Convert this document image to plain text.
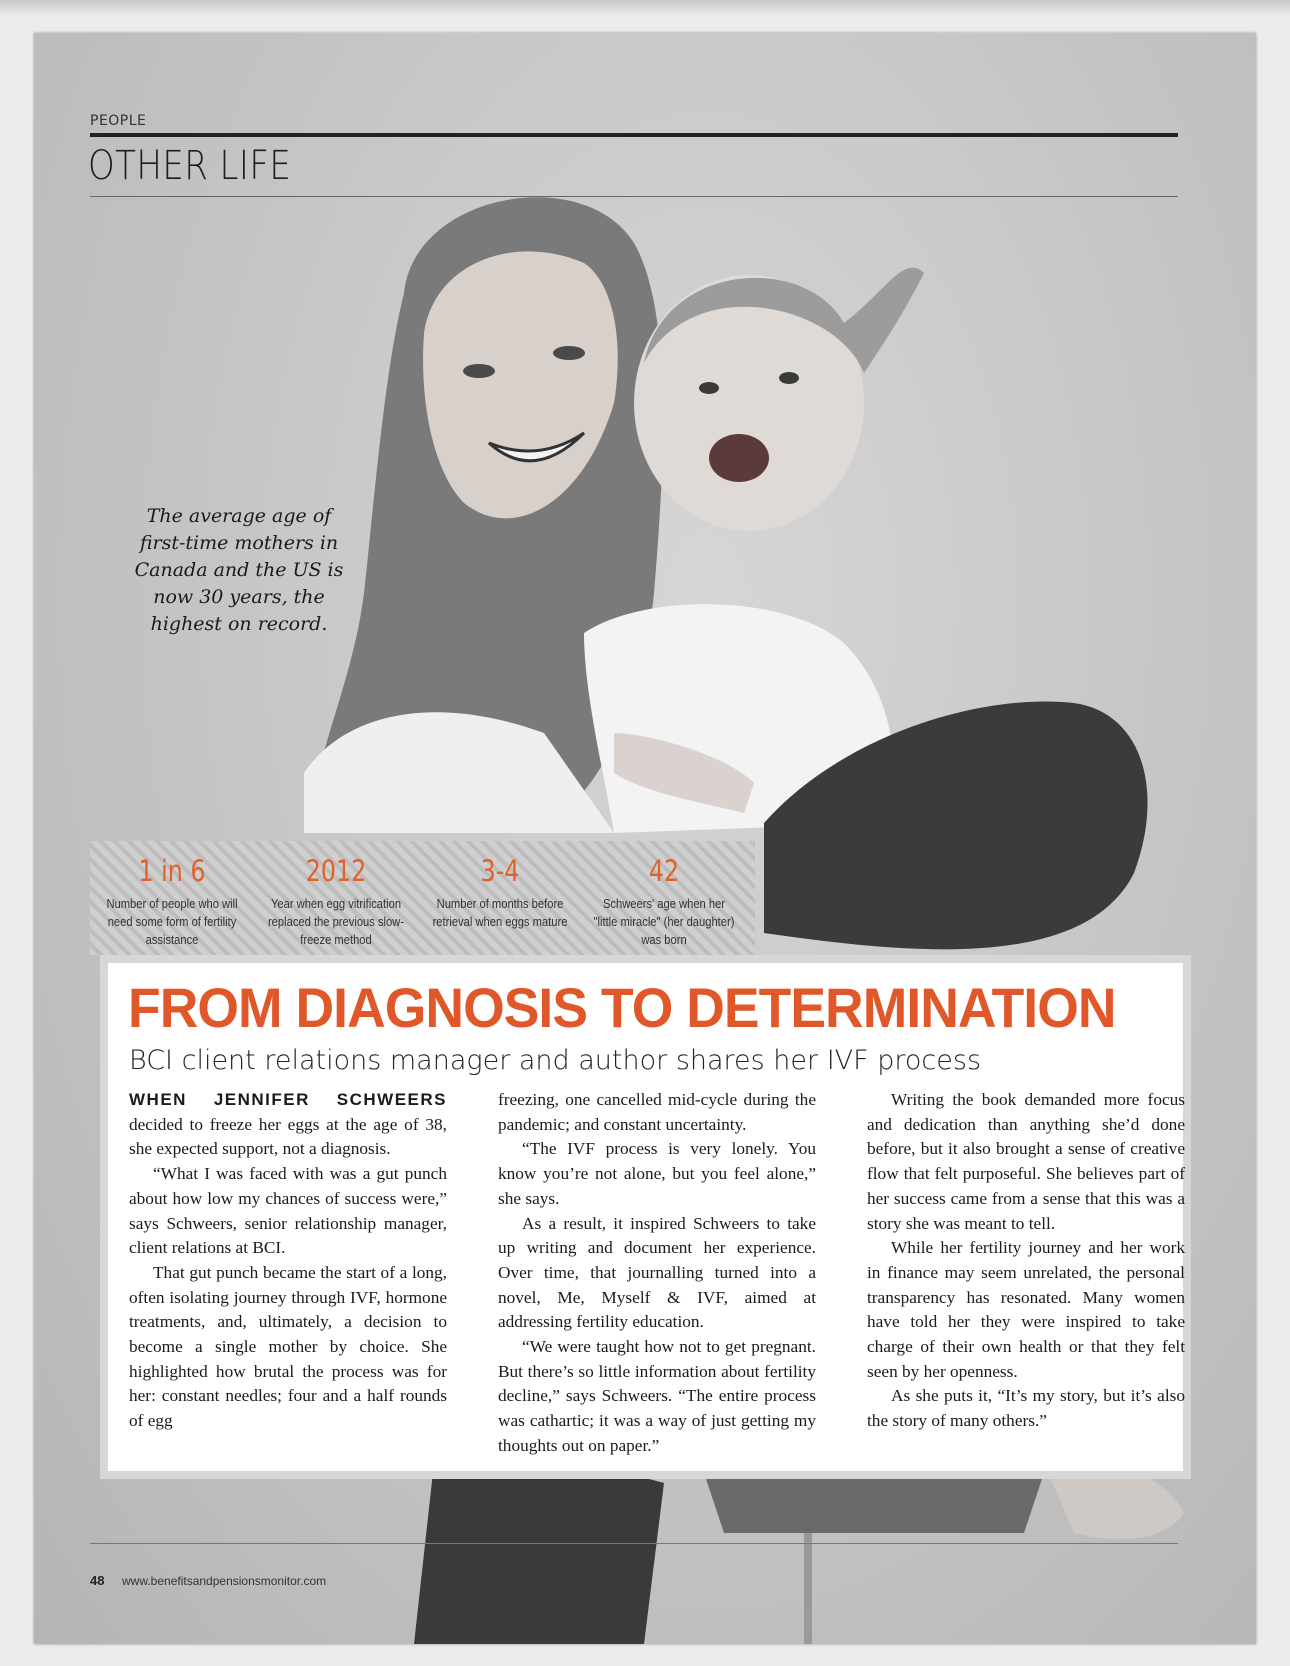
PEOPLE
OTHER LIFE
The average age of first-time mothers in Canada and the US is now 30 years, the highest on record.
1 in 6
Number of people who will need some form of fertility assistance
2012
Year when egg vitrification replaced the previous slow-freeze method
3-4
Number of months before retrieval when eggs mature
42
Schweers' age when her "little miracle" (her daughter) was born
FROM DIAGNOSIS TO DETERMINATION
BCI client relations manager and author shares her IVF process

WHEN JENNIFER SCHWEERS decided to freeze her eggs at the age of 38, she expected support, not a diagnosis.

“What I was faced with was a gut punch about how low my chances of success were,” says Schweers, senior relationship manager, client relations at BCI.

That gut punch became the start of a long, often isolating journey through IVF, hormone treatments, and, ultimately, a decision to become a single mother by choice. She highlighted how brutal the process was for her: constant needles; four and a half rounds of egg

freezing, one cancelled mid-cycle during the pandemic; and constant uncertainty.

“The IVF process is very lonely. You know you’re not alone, but you feel alone,” she says.

As a result, it inspired Schweers to take up writing and document her experience. Over time, that journalling turned into a novel, Me, Myself & IVF, aimed at addressing fertility education.

“We were taught how not to get pregnant. But there’s so little information about fertility decline,” says Schweers. “The entire process was cathartic; it was a way of just getting my thoughts out on paper.”

Writing the book demanded more focus and dedication than anything she’d done before, but it also brought a sense of creative flow that felt purposeful. She believes part of her success came from a sense that this was a story she was meant to tell.

While her fertility journey and her work in finance may seem unrelated, the personal transparency has resonated. Many women have told her they were inspired to take charge of their own health or that they felt seen by her openness.

As she puts it, “It’s my story, but it’s also the story of many others.”

48 www.benefitsandpensionsmonitor.com
